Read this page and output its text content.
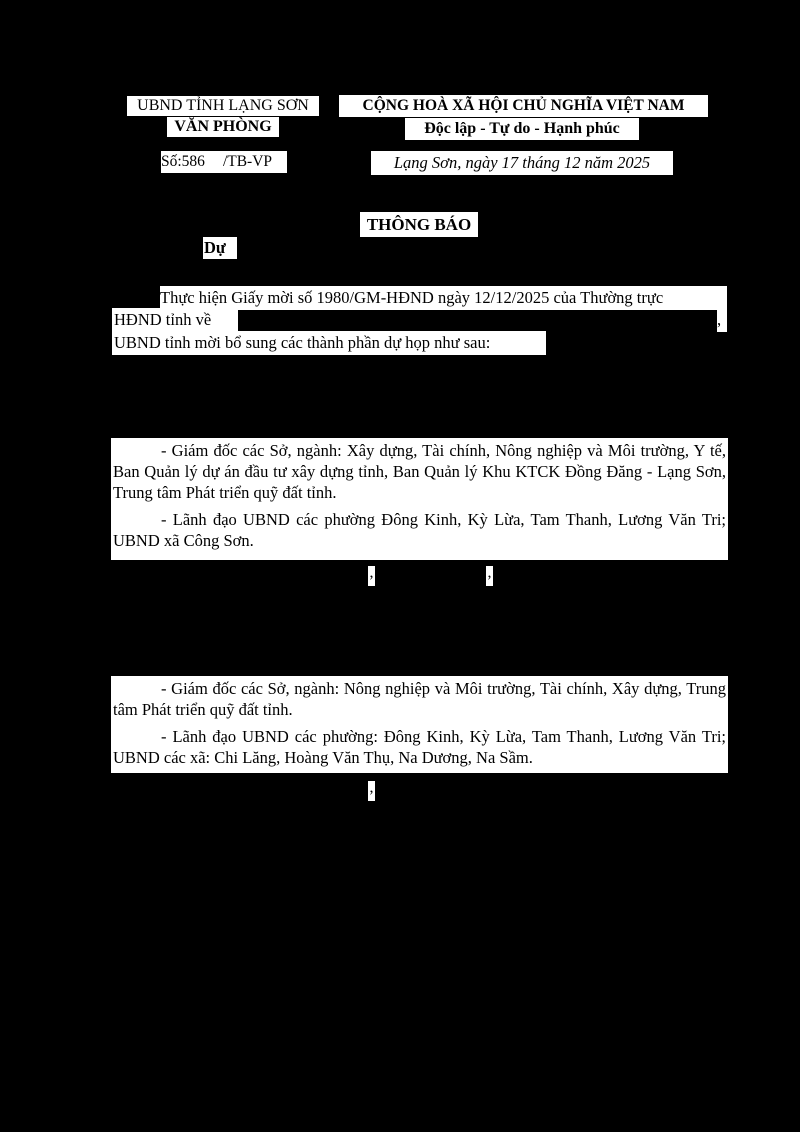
UBND TỈNH LẠNG SƠN
VĂN PHÒNG
Số:586 /TB-VP
CỘNG HOÀ XÃ HỘI CHỦ NGHĨA VIỆT NAM
Độc lập - Tự do - Hạnh phúc
Lạng Sơn, ngày 17 tháng 12 năm 2025
THÔNG BÁO
Dự
Thực hiện Giấy mời số 1980/GM-HĐND ngày 12/12/2025 của Thường trực
HĐND tỉnh về	,
UBND tỉnh mời bổ sung các thành phần dự họp như sau:

- Giám đốc các Sở, ngành: Xây dựng, Tài chính, Nông nghiệp và Môi trường, Y tế, Ban Quản lý dự án đầu tư xây dựng tỉnh, Ban Quản lý Khu KTCK Đồng Đăng - Lạng Sơn, Trung tâm Phát triển quỹ đất tỉnh.

- Lãnh đạo UBND các phường Đông Kinh, Kỳ Lừa, Tam Thanh, Lương Văn Tri; UBND xã Công Sơn.

,	,

- Giám đốc các Sở, ngành: Nông nghiệp và Môi trường, Tài chính, Xây dựng, Trung tâm Phát triển quỹ đất tỉnh.

- Lãnh đạo UBND các phường: Đông Kinh, Kỳ Lừa, Tam Thanh, Lương Văn Tri; UBND các xã: Chi Lăng, Hoàng Văn Thụ, Na Dương, Na Sầm.

,
